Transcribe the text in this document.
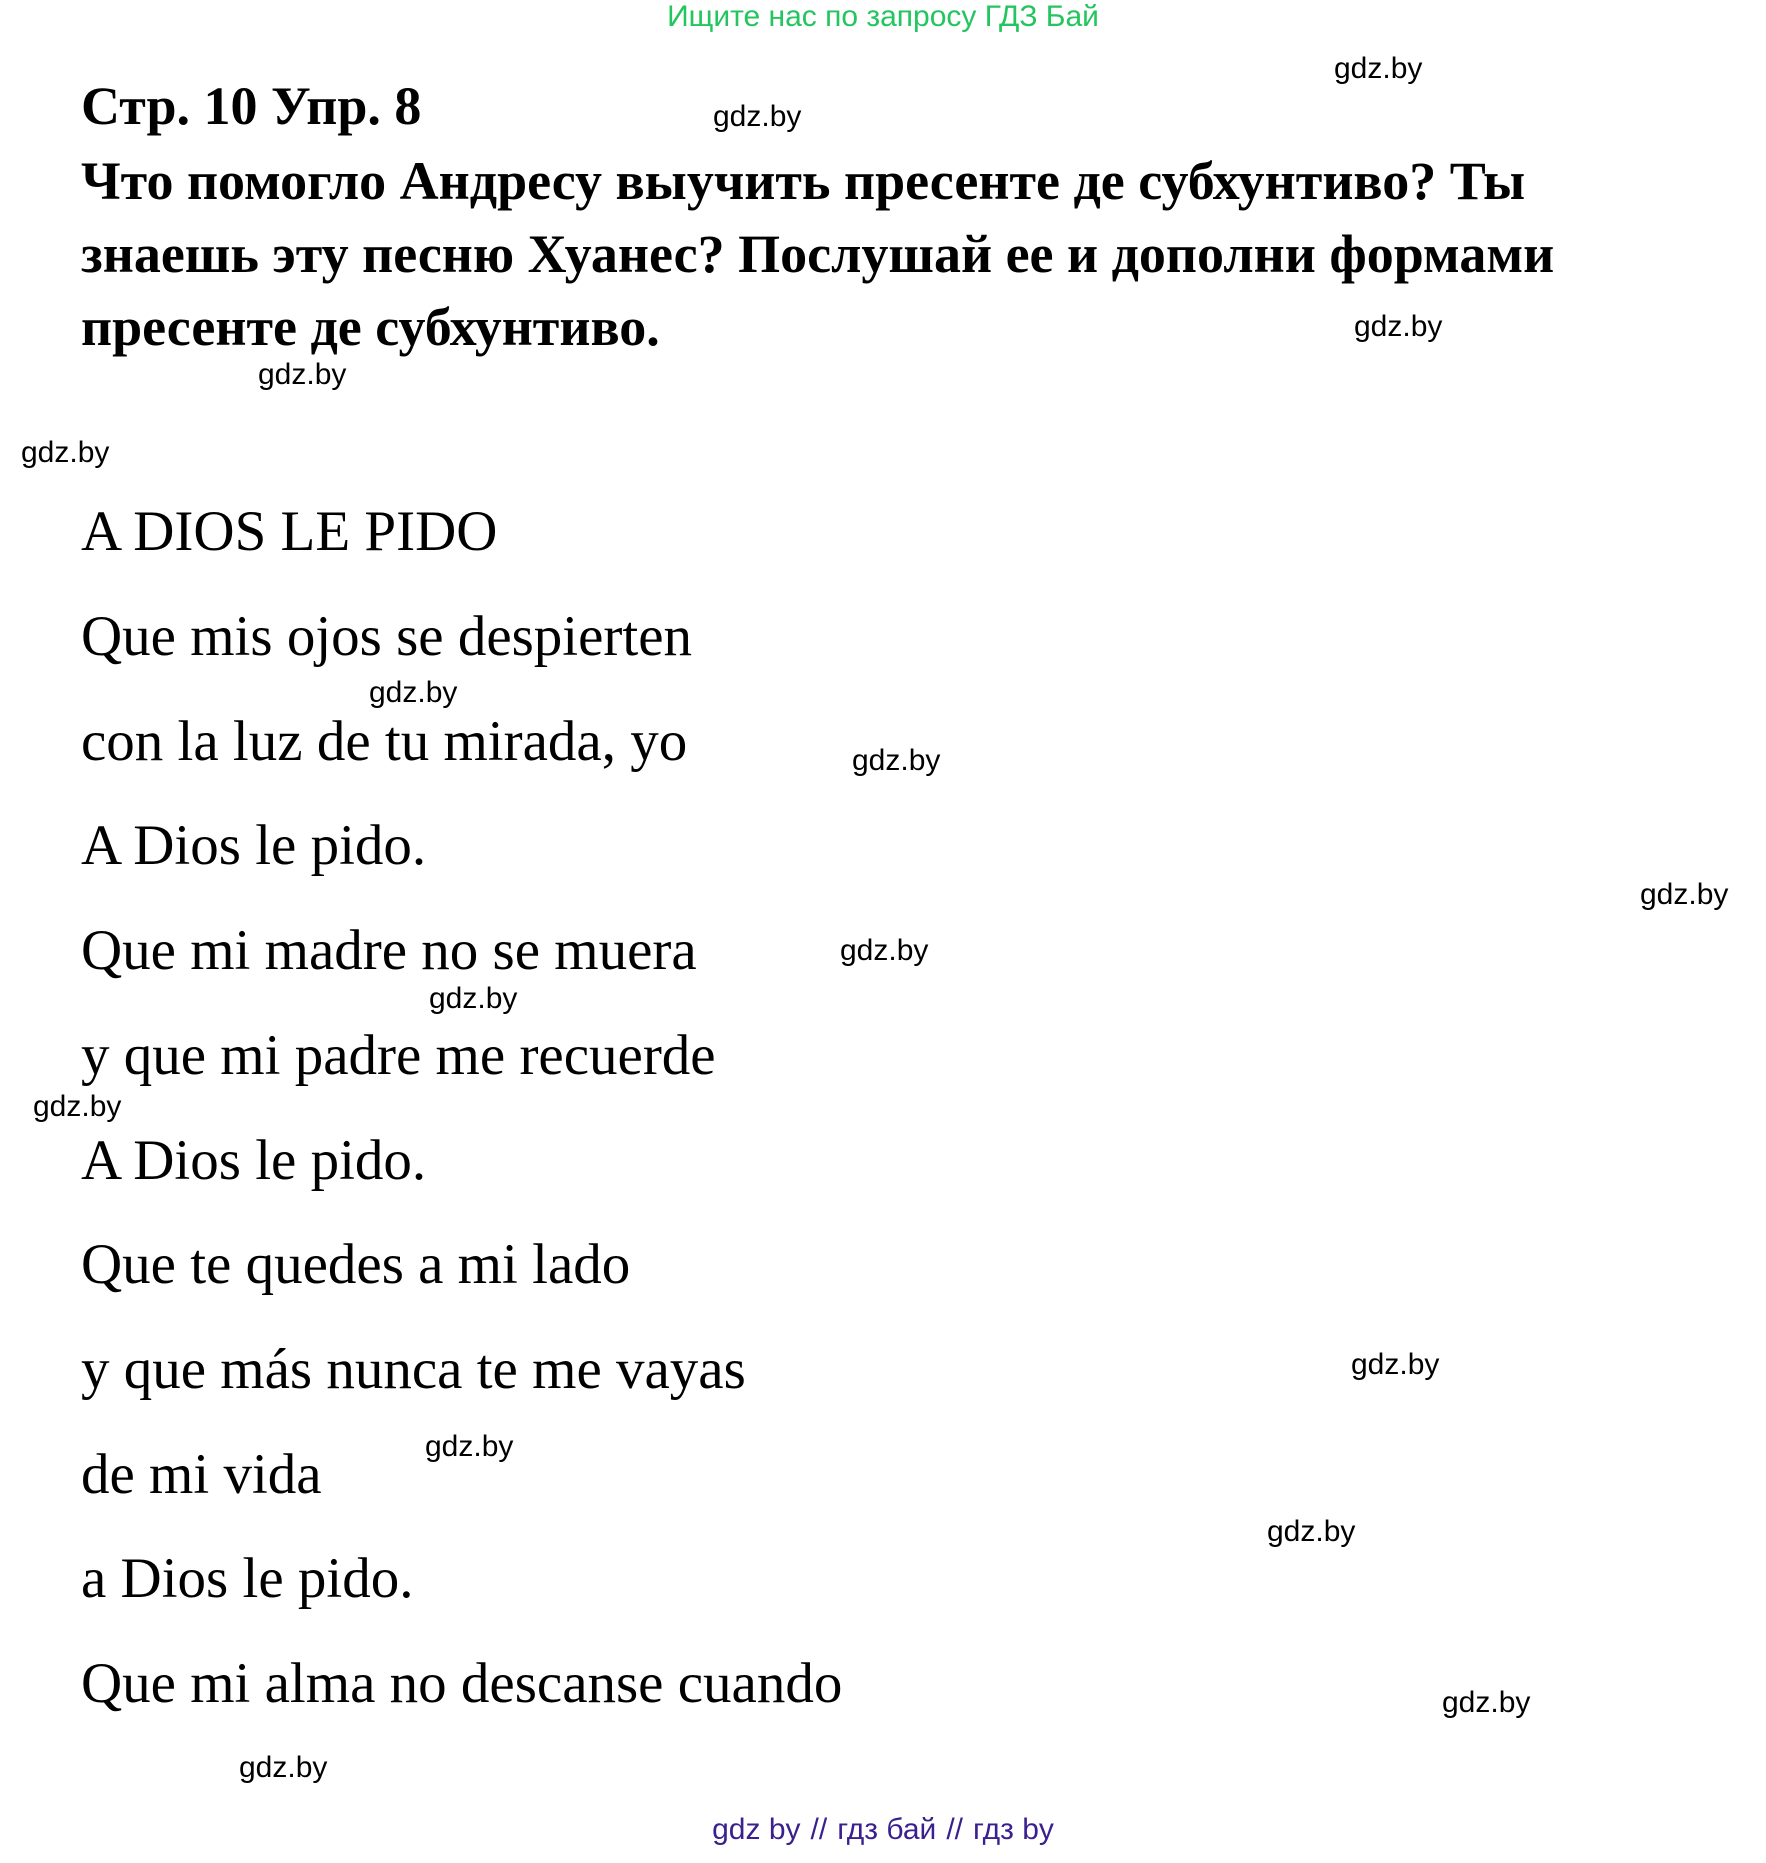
Ищите нас по запросу ГДЗ Бай
Стр. 10 Упр. 8
Что помогло Андресу выучить пресенте де субхунтиво? Ты
знаешь эту песню Хуанес? Послушай ее и дополни формами
пресенте де субхунтиво.
A DIOS LE PIDO
Que mis ojos se despierten
con la luz de tu mirada, yo
A Dios le pido.
Que mi madre no se muera
y que mi padre me recuerde
A Dios le pido.
Que te quedes a mi lado
y que más nunca te me vayas
de mi vida
a Dios le pido.
Que mi alma no descanse cuando
gdz.by
gdz.by
gdz.by
gdz.by
gdz.by
gdz.by
gdz.by
gdz.by
gdz.by
gdz.by
gdz.by
gdz.by
gdz.by
gdz.by
gdz.by
gdz.by
gdz by // гдз бай // гдз by
